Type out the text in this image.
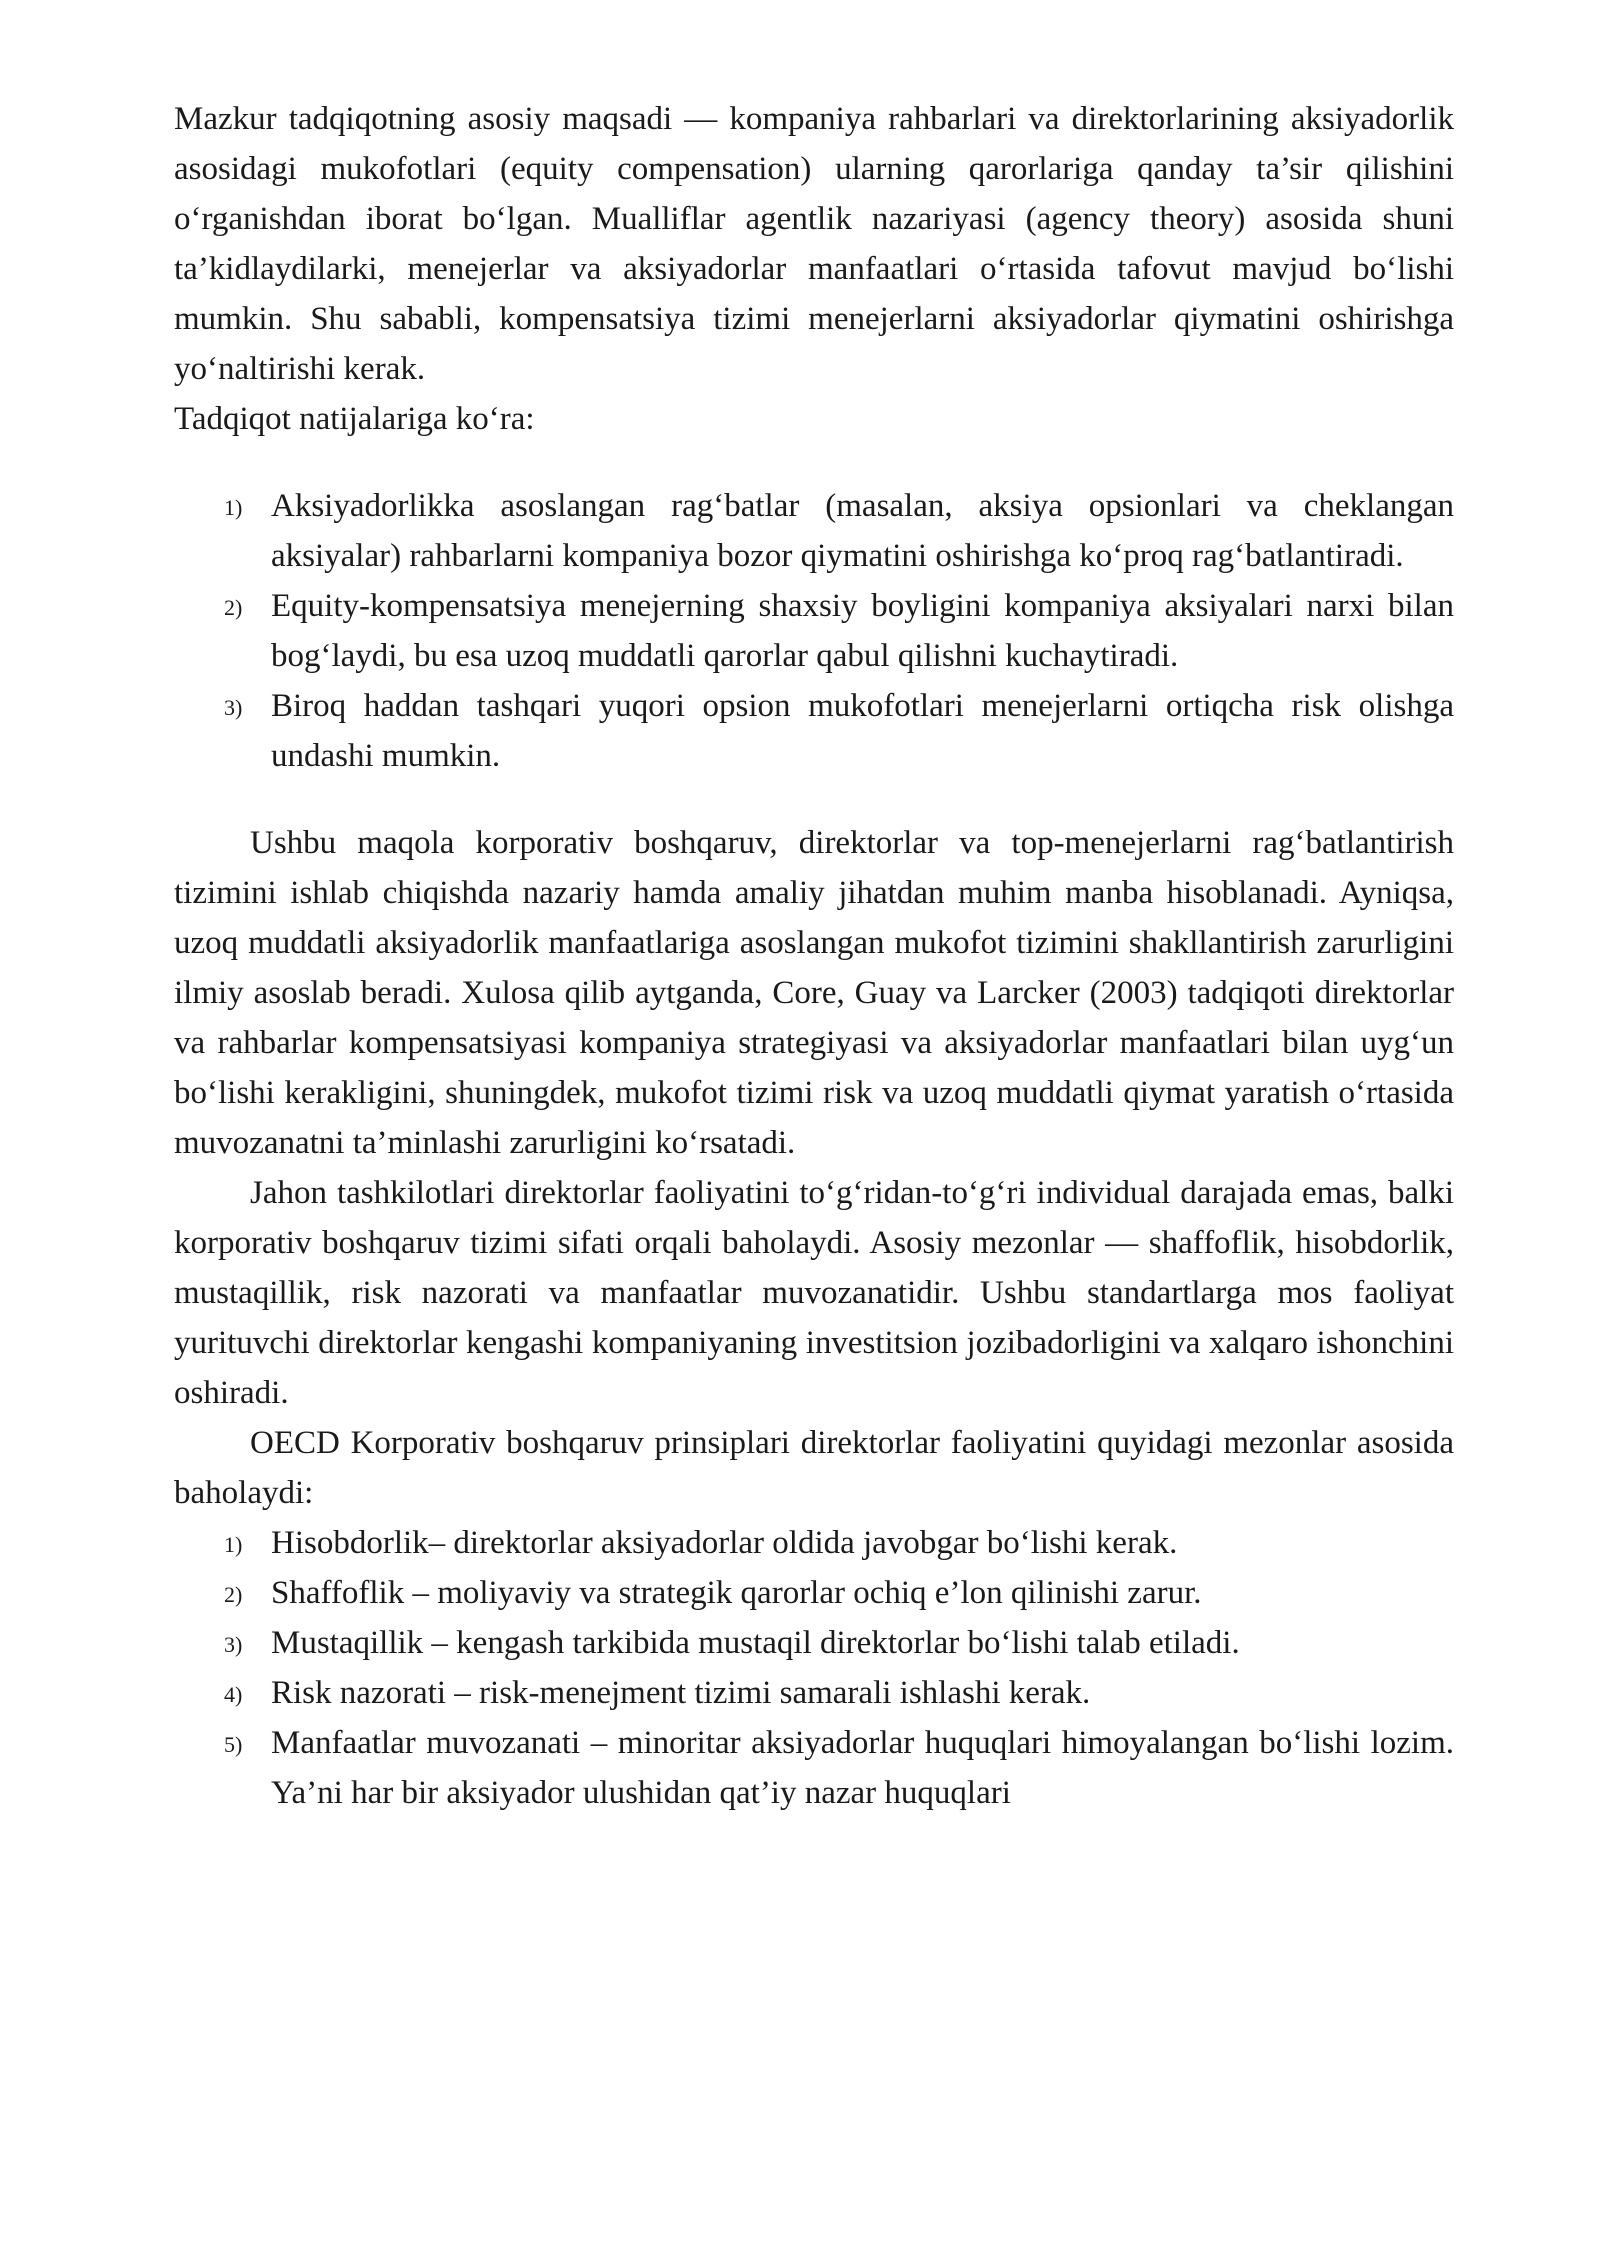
Mazkur tadqiqotning asosiy maqsadi — kompaniya rahbarlari va direktorlarining aksiyadorlik asosidagi mukofotlari (equity compensation) ularning qarorlariga qanday ta’sir qilishini o‘rganishdan iborat bo‘lgan. Mualliflar agentlik nazariyasi (agency theory) asosida shuni ta’kidlaydilarki, menejerlar va aksiyadorlar manfaatlari o‘rtasida tafovut mavjud bo‘lishi mumkin. Shu sababli, kompensatsiya tizimi menejerlarni aksiyadorlar qiymatini oshirishga yo‘naltirishi kerak.

Tadqiqot natijalariga ko‘ra:

1) Aksiyadorlikka asoslangan rag‘batlar (masalan, aksiya opsionlari va cheklangan aksiyalar) rahbarlarni kompaniya bozor qiymatini oshirishga ko‘proq rag‘batlantiradi.
2) Equity-kompensatsiya menejerning shaxsiy boyligini kompaniya aksiyalari narxi bilan bog‘laydi, bu esa uzoq muddatli qarorlar qabul qilishni kuchaytiradi.
3) Biroq haddan tashqari yuqori opsion mukofotlari menejerlarni ortiqcha risk olishga undashi mumkin.

Ushbu maqola korporativ boshqaruv, direktorlar va top-menejerlarni rag‘batlantirish tizimini ishlab chiqishda nazariy hamda amaliy jihatdan muhim manba hisoblanadi. Ayniqsa, uzoq muddatli aksiyadorlik manfaatlariga asoslangan mukofot tizimini shakllantirish zarurligini ilmiy asoslab beradi. Xulosa qilib aytganda, Core, Guay va Larcker (2003) tadqiqoti direktorlar va rahbarlar kompensatsiyasi kompaniya strategiyasi va aksiyadorlar manfaatlari bilan uyg‘un bo‘lishi kerakligini, shuningdek, mukofot tizimi risk va uzoq muddatli qiymat yaratish o‘rtasida muvozanatni ta’minlashi zarurligini ko‘rsatadi.

Jahon tashkilotlari direktorlar faoliyatini to‘g‘ridan-to‘g‘ri individual darajada emas, balki korporativ boshqaruv tizimi sifati orqali baholaydi. Asosiy mezonlar — shaffoflik, hisobdorlik, mustaqillik, risk nazorati va manfaatlar muvozanatidir. Ushbu standartlarga mos faoliyat yurituvchi direktorlar kengashi kompaniyaning investitsion jozibadorligini va xalqaro ishonchini oshiradi.

OECD Korporativ boshqaruv prinsiplari direktorlar faoliyatini quyidagi mezonlar asosida baholaydi:

1) Hisobdorlik– direktorlar aksiyadorlar oldida javobgar bo‘lishi kerak.
2) Shaffoflik – moliyaviy va strategik qarorlar ochiq e’lon qilinishi zarur.
3) Mustaqillik – kengash tarkibida mustaqil direktorlar bo‘lishi talab etiladi.
4) Risk nazorati – risk-menejment tizimi samarali ishlashi kerak.
5) Manfaatlar muvozanati – minoritar aksiyadorlar huquqlari himoyalangan bo‘lishi lozim. Ya’ni har bir aksiyador ulushidan qat’iy nazar huquqlari
